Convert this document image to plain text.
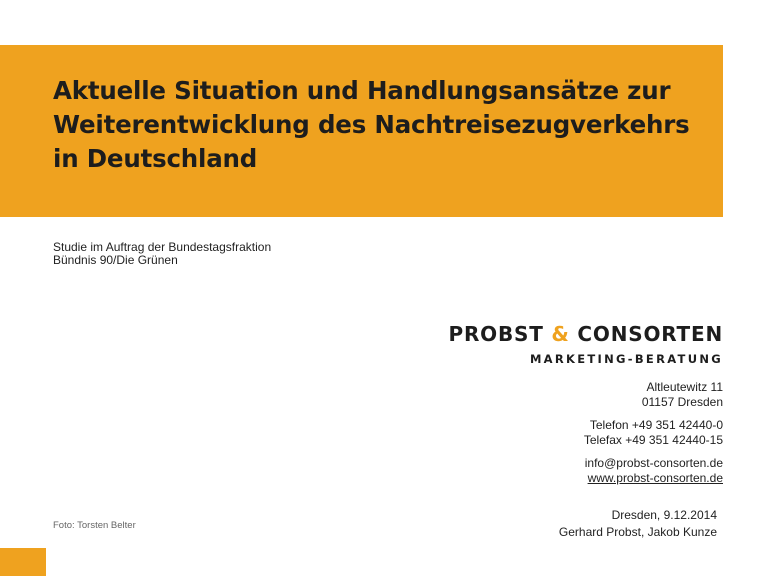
Aktuelle Situation und Handlungsansätze zur
Weiterentwicklung des Nachtreisezugverkehrs
in Deutschland
Studie im Auftrag der Bundestagsfraktion
Bündnis 90/Die Grünen
PROBST & CONSORTEN
MARKETING-BERATUNG
Altleutewitz 11
01157 Dresden
Telefon +49 351 42440-0
Telefax +49 351 42440-15
info@probst-consorten.de
www.probst-consorten.de
Dresden, 9.12.2014
Gerhard Probst, Jakob Kunze
Foto: Torsten Belter
